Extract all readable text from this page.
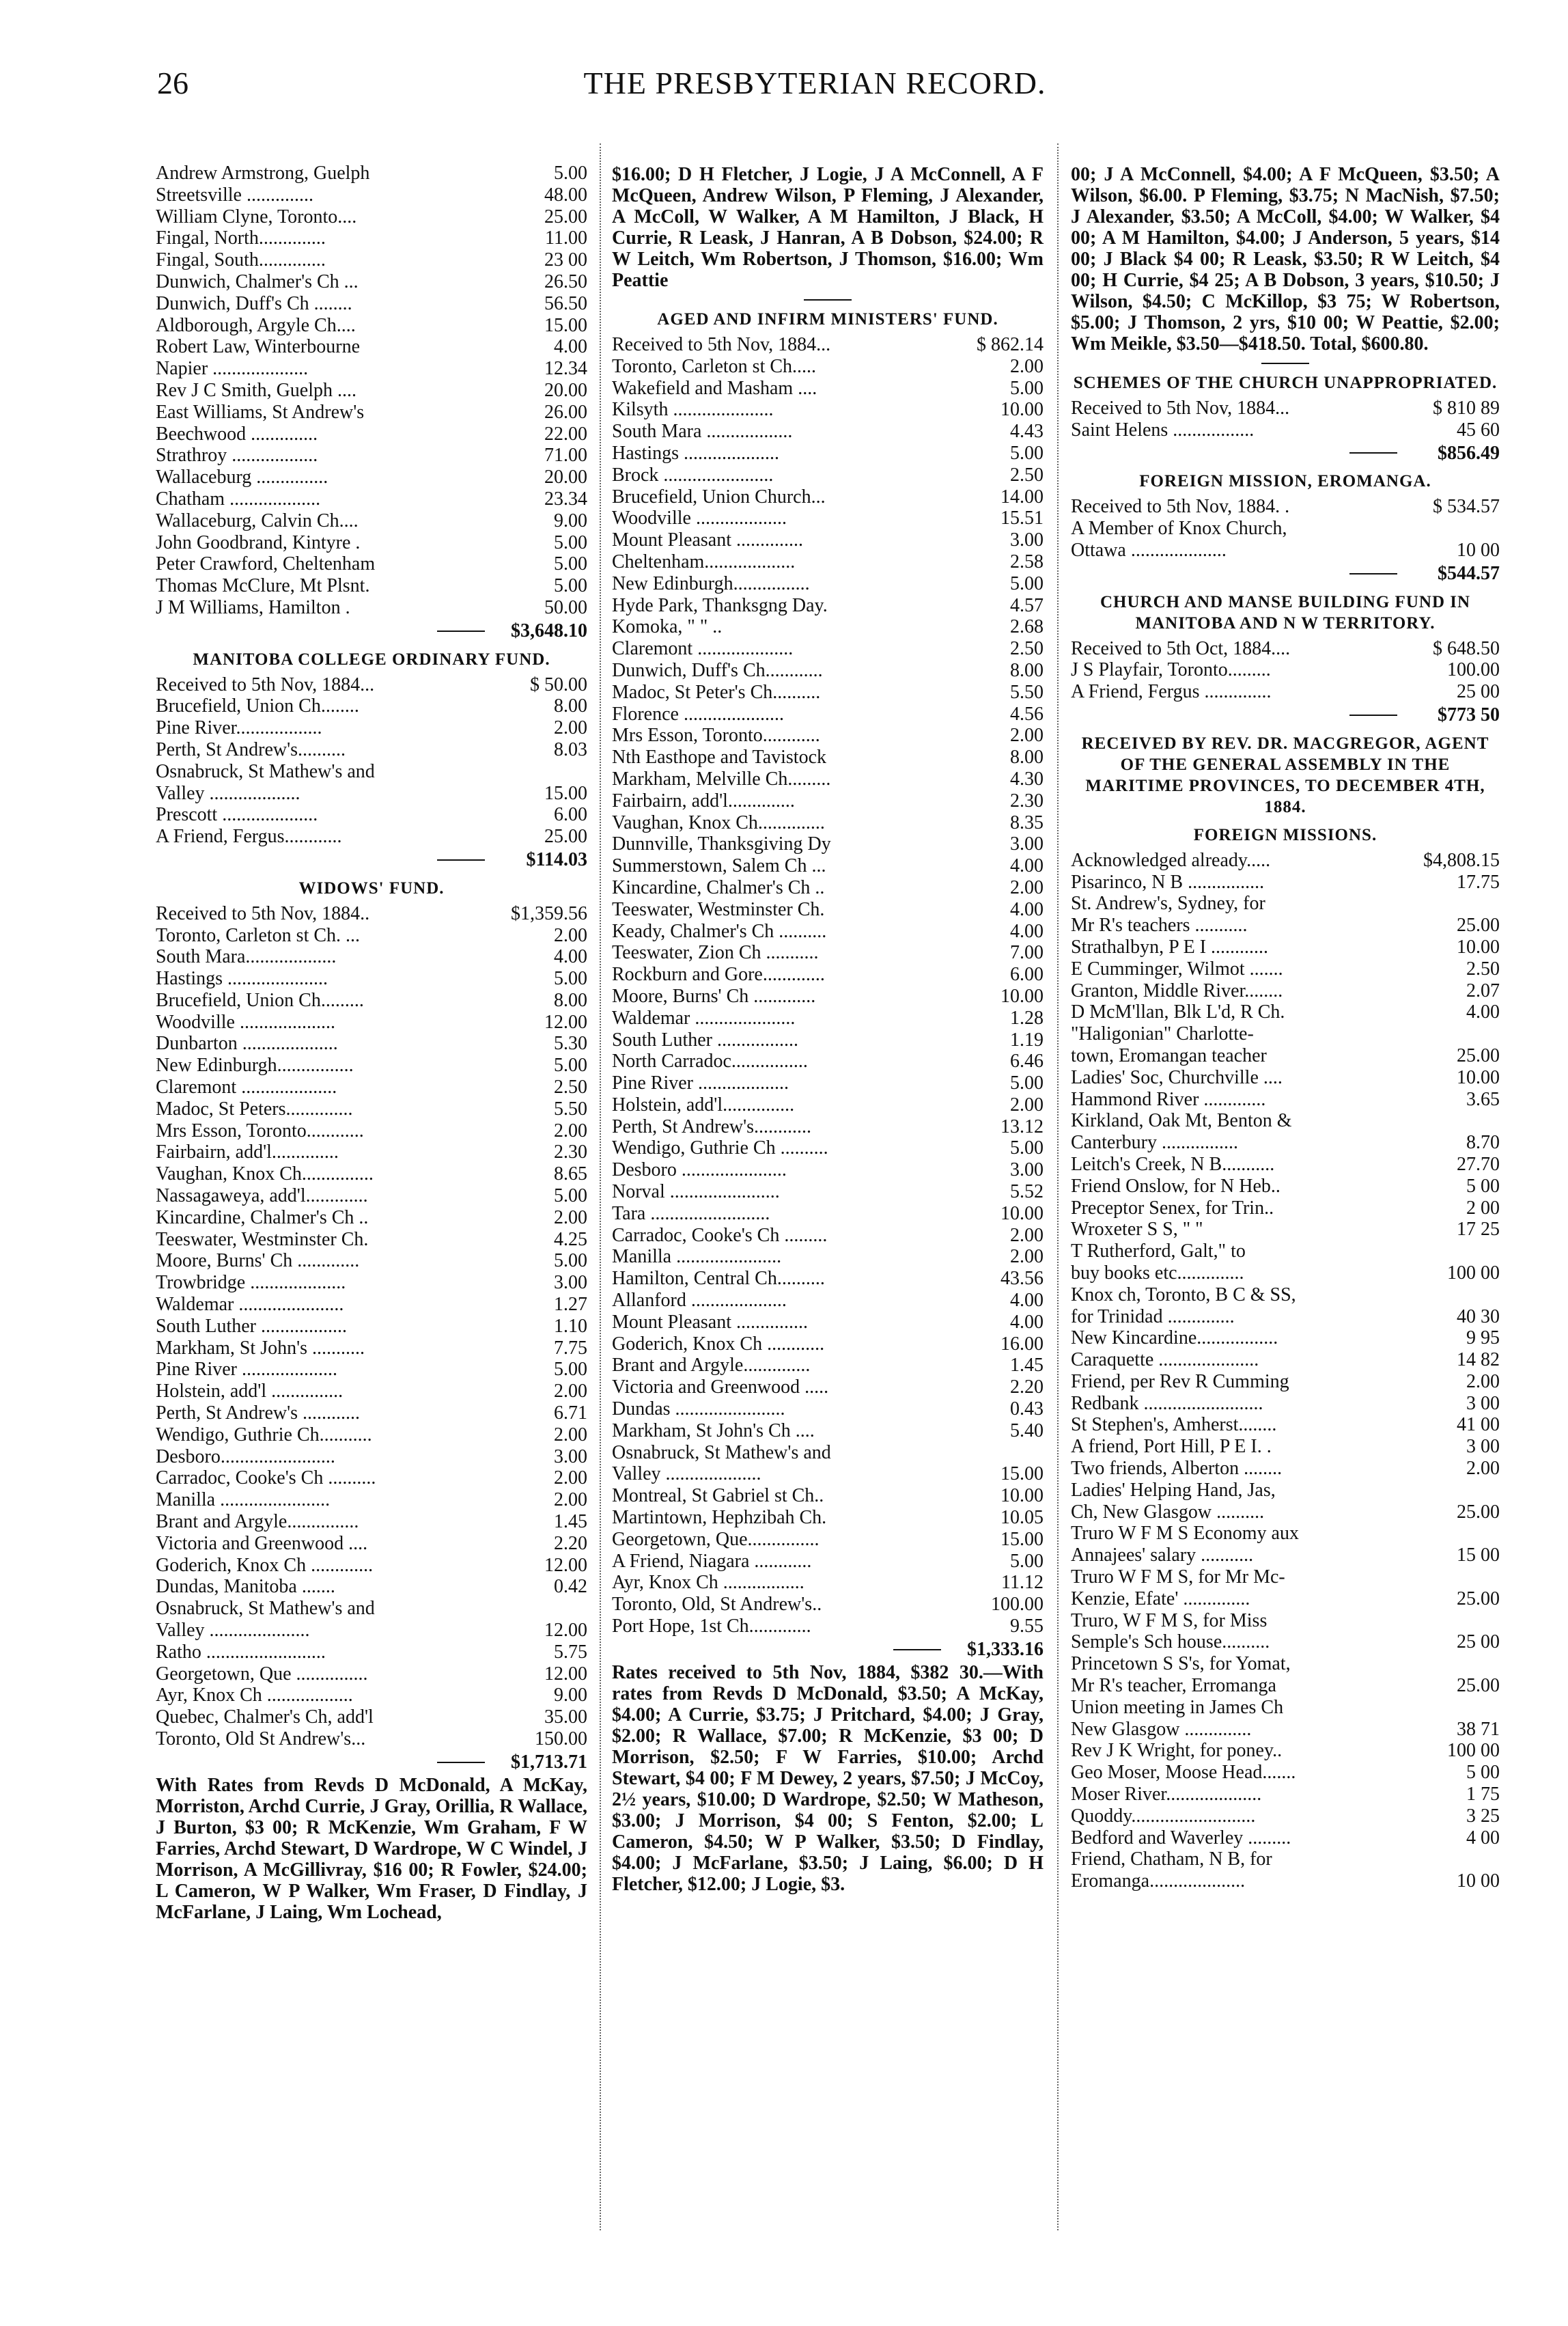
26	THE PRESBYTERIAN RECORD.
Andrew Armstrong, Guelph	5.00
Streetsville ..............	48.00
William Clyne, Toronto....	25.00
Fingal, North..............	11.00
Fingal, South..............	23 00
Dunwich, Chalmer's Ch ...	26.50
Dunwich, Duff's Ch ........	56.50
Aldborough, Argyle Ch....	15.00
Robert Law, Winterbourne	4.00
Napier ....................	12.34
Rev J C Smith, Guelph ....	20.00
East Williams, St Andrew's	26.00
Beechwood ..............	22.00
Strathroy ..................	71.00
Wallaceburg ...............	20.00
Chatham ...................	23.34
Wallaceburg, Calvin Ch....	9.00
John Goodbrand, Kintyre .	5.00
Peter Crawford, Cheltenham	5.00
Thomas McClure, Mt Plsnt.	5.00
J M Williams, Hamilton .	50.00
$3,648.10
MANITOBA COLLEGE ORDINARY FUND.
Received to 5th Nov, 1884...	$ 50.00
Brucefield, Union Ch........	8.00
Pine River..................	2.00
Perth, St Andrew's..........	8.03
Osnabruck, St Mathew's and
Valley ...................	15.00
Prescott ....................	6.00
A Friend, Fergus............	25.00
$114.03
WIDOWS' FUND.
Received to 5th Nov, 1884..	$1,359.56
Toronto, Carleton st Ch. ...	2.00
South Mara...................	4.00
Hastings .....................	5.00
Brucefield, Union Ch.........	8.00
Woodville ....................	12.00
Dunbarton ....................	5.30
New Edinburgh................	5.00
Claremont ....................	2.50
Madoc, St Peters..............	5.50
Mrs Esson, Toronto............	2.00
Fairbairn, add'l..............	2.30
Vaughan, Knox Ch...............	8.65
Nassagaweya, add'l.............	5.00
Kincardine, Chalmer's Ch ..	2.00
Teeswater, Westminster Ch.	4.25
Moore, Burns' Ch .............	5.00
Trowbridge ....................	3.00
Waldemar ......................	1.27
South Luther ..................	1.10
Markham, St John's ...........	7.75
Pine River ....................	5.00
Holstein, add'l ...............	2.00
Perth, St Andrew's ............	6.71
Wendigo, Guthrie Ch...........	2.00
Desboro........................	3.00
Carradoc, Cooke's Ch ..........	2.00
Manilla .......................	2.00
Brant and Argyle...............	1.45
Victoria and Greenwood ....	2.20
Goderich, Knox Ch .............	12.00
Dundas, Manitoba .......	0.42
Osnabruck, St Mathew's and
Valley .....................	12.00
Ratho .........................	5.75
Georgetown, Que ...............	12.00
Ayr, Knox Ch ..................	9.00
Quebec, Chalmer's Ch, add'l	35.00
Toronto, Old St Andrew's...	150.00
$1,713.71
With Rates from Revds D McDonald, A McKay, Morriston, Archd Currie, J Gray, Orillia, R Wallace, J Burton, $3 00; R McKenzie, Wm Graham, F W Farries, Archd Stewart, D Wardrope, W C Windel, J Morrison, A McGillivray, $16 00; R Fowler, $24.00; L Cameron, W P Walker, Wm Fraser, D Findlay, J McFarlane, J Laing, Wm Lochead,
$16.00; D H Fletcher, J Logie, J A McConnell, A F McQueen, Andrew Wilson, P Fleming, J Alexander, A McColl, W Walker, A M Hamilton, J Black, H Currie, R Leask, J Hanran, A B Dobson, $24.00; R W Leitch, Wm Robertson, J Thomson, $16.00; Wm Peattie
AGED AND INFIRM MINISTERS' FUND.
Received to 5th Nov, 1884...	$ 862.14
Toronto, Carleton st Ch.....	2.00
Wakefield and Masham ....	5.00
Kilsyth .....................	10.00
South Mara ..................	4.43
Hastings ....................	5.00
Brock .......................	2.50
Brucefield, Union Church...	14.00
Woodville ...................	15.51
Mount Pleasant ..............	3.00
Cheltenham...................	2.58
New Edinburgh................	5.00
Hyde Park, Thanksgng Day.	4.57
Komoka, " " ..	2.68
Claremont ....................	2.50
Dunwich, Duff's Ch............	8.00
Madoc, St Peter's Ch..........	5.50
Florence .....................	4.56
Mrs Esson, Toronto............	2.00
Nth Easthope and Tavistock	8.00
Markham, Melville Ch.........	4.30
Fairbairn, add'l..............	2.30
Vaughan, Knox Ch..............	8.35
Dunnville, Thanksgiving Dy	3.00
Summerstown, Salem Ch ...	4.00
Kincardine, Chalmer's Ch ..	2.00
Teeswater, Westminster Ch.	4.00
Keady, Chalmer's Ch ..........	4.00
Teeswater, Zion Ch ...........	7.00
Rockburn and Gore.............	6.00
Moore, Burns' Ch .............	10.00
Waldemar .....................	1.28
South Luther .................	1.19
North Carradoc................	6.46
Pine River ...................	5.00
Holstein, add'l...............	2.00
Perth, St Andrew's............	13.12
Wendigo, Guthrie Ch ..........	5.00
Desboro ......................	3.00
Norval .......................	5.52
Tara .........................	10.00
Carradoc, Cooke's Ch .........	2.00
Manilla ......................	2.00
Hamilton, Central Ch..........	43.56
Allanford ....................	4.00
Mount Pleasant ...............	4.00
Goderich, Knox Ch ............	16.00
Brant and Argyle..............	1.45
Victoria and Greenwood .....	2.20
Dundas .......................	0.43
Markham, St John's Ch ....	5.40
Osnabruck, St Mathew's and
Valley ....................	15.00
Montreal, St Gabriel st Ch..	10.00
Martintown, Hephzibah Ch.	10.05
Georgetown, Que...............	15.00
A Friend, Niagara ............	5.00
Ayr, Knox Ch .................	11.12
Toronto, Old, St Andrew's..	100.00
Port Hope, 1st Ch.............	9.55
$1,333.16
Rates received to 5th Nov, 1884, $382 30.—With rates from Revds D McDonald, $3.50; A McKay, $4.00; A Currie, $3.75; J Pritchard, $4.00; J Gray, $2.00; R Wallace, $7.00; R McKenzie, $3 00; D Morrison, $2.50; F W Farries, $10.00; Archd Stewart, $4 00; F M Dewey, 2 years, $7.50; J McCoy, 2½ years, $10.00; D Wardrope, $2.50; W Matheson, $3.00; J Morrison, $4 00; S Fenton, $2.00; L Cameron, $4.50; W P Walker, $3.50; D Findlay, $4.00; J McFarlane, $3.50; J Laing, $6.00; D H Fletcher, $12.00; J Logie, $3.
00; J A McConnell, $4.00; A F McQueen, $3.50; A Wilson, $6.00. P Fleming, $3.75; N MacNish, $7.50; J Alexander, $3.50; A McColl, $4.00; W Walker, $4 00; A M Hamilton, $4.00; J Anderson, 5 years, $14 00; J Black $4 00; R Leask, $3.50; R W Leitch, $4 00; H Currie, $4 25; A B Dobson, 3 years, $10.50; J Wilson, $4.50; C McKillop, $3 75; W Robertson, $5.00; J Thomson, 2 yrs, $10 00; W Peattie, $2.00; Wm Meikle, $3.50—$418.50. Total, $600.80.
SCHEMES OF THE CHURCH UNAPPROPRIATED.
Received to 5th Nov, 1884...	$ 810 89
Saint Helens .................	45 60
$856.49
FOREIGN MISSION, EROMANGA.
Received to 5th Nov, 1884. .	$ 534.57
A Member of Knox Church,
Ottawa ....................	10 00
$544.57
CHURCH AND MANSE BUILDING FUND IN MANITOBA AND N W TERRITORY.
Received to 5th Oct, 1884....	$ 648.50
J S Playfair, Toronto.........	100.00
A Friend, Fergus ..............	25 00
$773 50
RECEIVED BY REV. DR. MACGREGOR, AGENT OF THE GENERAL ASSEMBLY IN THE MARITIME PROVINCES, TO DECEMBER 4TH, 1884.
FOREIGN MISSIONS.
Acknowledged already.....	$4,808.15
Pisarinco, N B ................	17.75
St. Andrew's, Sydney, for
Mr R's teachers ...........	25.00
Strathalbyn, P E I ............	10.00
E Cumminger, Wilmot .......	2.50
Granton, Middle River........	2.07
D McM'llan, Blk L'd, R Ch.	4.00
"Haligonian" Charlotte-
town, Eromangan teacher	25.00
Ladies' Soc, Churchville ....	10.00
Hammond River .............	3.65
Kirkland, Oak Mt, Benton &
Canterbury ................	8.70
Leitch's Creek, N B...........	27.70
Friend Onslow, for N Heb..	5 00
Preceptor Senex, for Trin..	2 00
Wroxeter S S, " "	17 25
T Rutherford, Galt," to
buy books etc..............	100 00
Knox ch, Toronto, B C & SS,
for Trinidad ..............	40 30
New Kincardine.................	9 95
Caraquette .....................	14 82
Friend, per Rev R Cumming	2.00
Redbank .........................	3 00
St Stephen's, Amherst........	41 00
A friend, Port Hill, P E I. .	3 00
Two friends, Alberton ........	2.00
Ladies' Helping Hand, Jas,
Ch, New Glasgow ..........	25.00
Truro W F M S Economy aux
Annajees' salary ...........	15 00
Truro W F M S, for Mr Mc-
Kenzie, Efate' ..............	25.00
Truro, W F M S, for Miss
Semple's Sch house..........	25 00
Princetown S S's, for Yomat,
Mr R's teacher, Erromanga	25.00
Union meeting in James Ch
New Glasgow ..............	38 71
Rev J K Wright, for poney..	100 00
Geo Moser, Moose Head.......	5 00
Moser River....................	1 75
Quoddy..........................	3 25
Bedford and Waverley .........	4 00
Friend, Chatham, N B, for
Eromanga....................	10 00
